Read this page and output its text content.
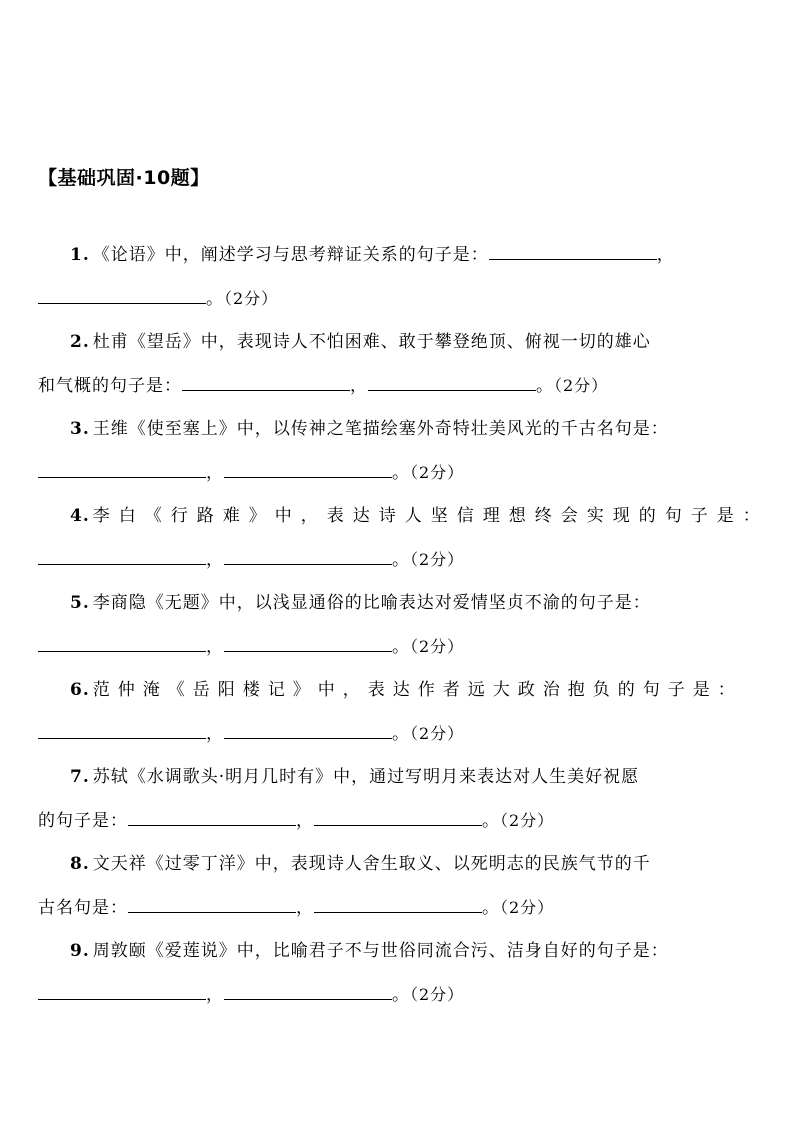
【基础巩固·10题】
1. 《论语》中，阐述学习与思考辩证关系的句子是：	，
。（2分）
2. 杜甫《望岳》中，表现诗人不怕困难、敢于攀登绝顶、俯视一切的雄心
和气概的句子是：	，	。（2分）
3. 王维《使至塞上》中，以传神之笔描绘塞外奇特壮美风光的千古名句是：
，	。（2分）
4. 李白《行路难》中，表达诗人坚信理想终会实现的句子是：
，	。（2分）
5. 李商隐《无题》中，以浅显通俗的比喻表达对爱情坚贞不渝的句子是：
，	。（2分）
6. 范仲淹《岳阳楼记》中，表达作者远大政治抱负的句子是：
，	。（2分）
7. 苏轼《水调歌头·明月几时有》中，通过写明月来表达对人生美好祝愿
的句子是：	，	。（2分）
8. 文天祥《过零丁洋》中，表现诗人舍生取义、以死明志的民族气节的千
古名句是：	，	。（2分）
9. 周敦颐《爱莲说》中，比喻君子不与世俗同流合污、洁身自好的句子是：
，	。（2分）
